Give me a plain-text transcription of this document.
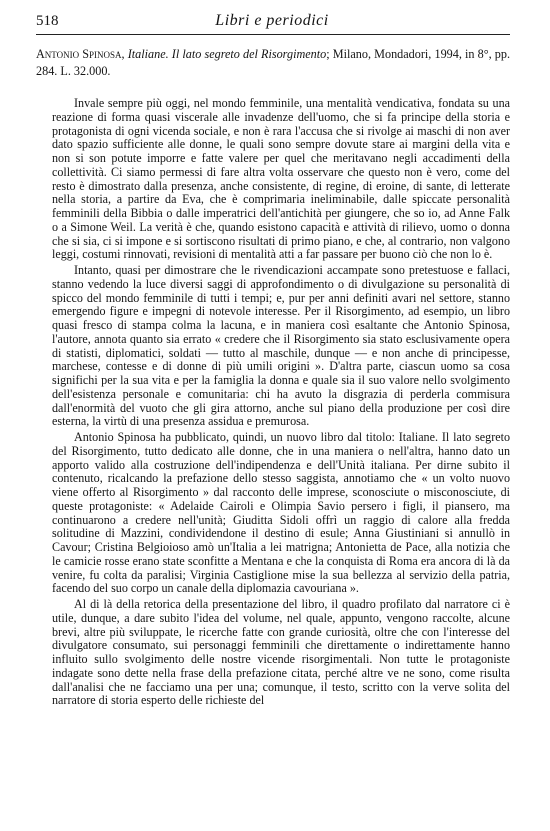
518	Libri e periodici
Antonio Spinosa, Italiane. Il lato segreto del Risorgimento; Milano, Mondadori, 1994, in 8°, pp. 284. L. 32.000.

Invale sempre più oggi, nel mondo femminile, una mentalità vendicativa, fondata su una reazione di forma quasi viscerale alle invadenze dell'uomo, che si fa principe della storia e protagonista di ogni vicenda sociale, e non è rara l'accusa che si rivolge ai maschi di non aver dato spazio sufficiente alle donne, le quali sono sempre dovute stare ai margini della vita e non si son potute imporre e fatte valere per quel che meritavano negli accadimenti della collettività. Ci siamo permessi di fare altra volta osservare che questo non è vero, come del resto è dimostrato dalla presenza, anche consistente, di regine, di eroine, di sante, di letterate nella storia, a partire da Eva, che è comprimaria ineliminabile, dalle spiccate personalità femminili della Bibbia o dalle imperatrici dell'antichità per giungere, che so io, ad Anne Falk o a Simone Weil. La verità è che, quando esistono capacità e attività di rilievo, uomo o donna che si sia, ci si impone e si sortiscono risultati di primo piano, e che, al contrario, non valgono leggi, costumi rinnovati, revisioni di mentalità atti a far passare per buono ciò che non lo è.

Intanto, quasi per dimostrare che le rivendicazioni accampate sono pretestuose e fallaci, stanno vedendo la luce diversi saggi di approfondimento o di divulgazione su personalità di spicco del mondo femminile di tutti i tempi; e, pur per anni definiti avari nel settore, stanno emergendo figure e impegni di notevole interesse. Per il Risorgimento, ad esempio, un libro quasi fresco di stampa colma la lacuna, e in maniera così esaltante che Antonio Spinosa, l'autore, annota quanto sia errato « credere che il Risorgimento sia stato esclusivamente opera di statisti, diplomatici, soldati — tutto al maschile, dunque — e non anche di principesse, marchese, contesse e di donne di più umili origini ». D'altra parte, ciascun uomo sa cosa significhi per la sua vita e per la famiglia la donna e quale sia il suo valore nello svolgimento dell'esistenza personale e comunitaria: chi ha avuto la disgrazia di perderla commisura dall'enormità del vuoto che gli gira attorno, anche sul piano della produzione per così dire esterna, la virtù di una presenza assidua e premurosa.

Antonio Spinosa ha pubblicato, quindi, un nuovo libro dal titolo: Italiane. Il lato segreto del Risorgimento, tutto dedicato alle donne, che in una maniera o nell'altra, hanno dato un apporto valido alla costruzione dell'indipendenza e dell'Unità italiana. Per dirne subito il contenuto, ricalcando la prefazione dello stesso saggista, annotiamo che « un volto nuovo viene offerto al Risorgimento » dal racconto delle imprese, sconosciute o misconosciute, di queste protagoniste: « Adelaide Cairoli e Olimpia Savio persero i figli, il pianserо, ma continuarono a credere nell'unità; Giuditta Sidoli offrì un raggio di calore alla fredda solitudine di Mazzini, condividendone il destino di esule; Anna Giustiniani si annullò in Cavour; Cristina Belgioioso amò un'Italia a lei matrigna; Antonietta de Pace, alla notizia che le camicie rosse erano state sconfitte a Mentana e che la conquista di Roma era ancora di là da venire, fu colta da paralisi; Virginia Castiglione mise la sua bellezza al servizio della patria, facendo del suo corpo un canale della diplomazia cavouriana ».

Al di là della retorica della presentazione del libro, il quadro profilato dal narratore ci è utile, dunque, a dare subito l'idea del volume, nel quale, appunto, vengono raccolte, alcune brevi, altre più sviluppate, le ricerche fatte con grande curiosità, oltre che con l'interesse del divulgatore consumato, sui personaggi femminili che direttamente o indirettamente hanno influito sullo svolgimento delle nostre vicende risorgimentali. Non tutte le protagoniste indagate sono dette nella frase della prefazione citata, perché altre ve ne sono, come risulta dall'analisi che ne facciamo una per una; comunque, il testo, scritto con la verve solita del narratore di storia esperto delle richieste del
